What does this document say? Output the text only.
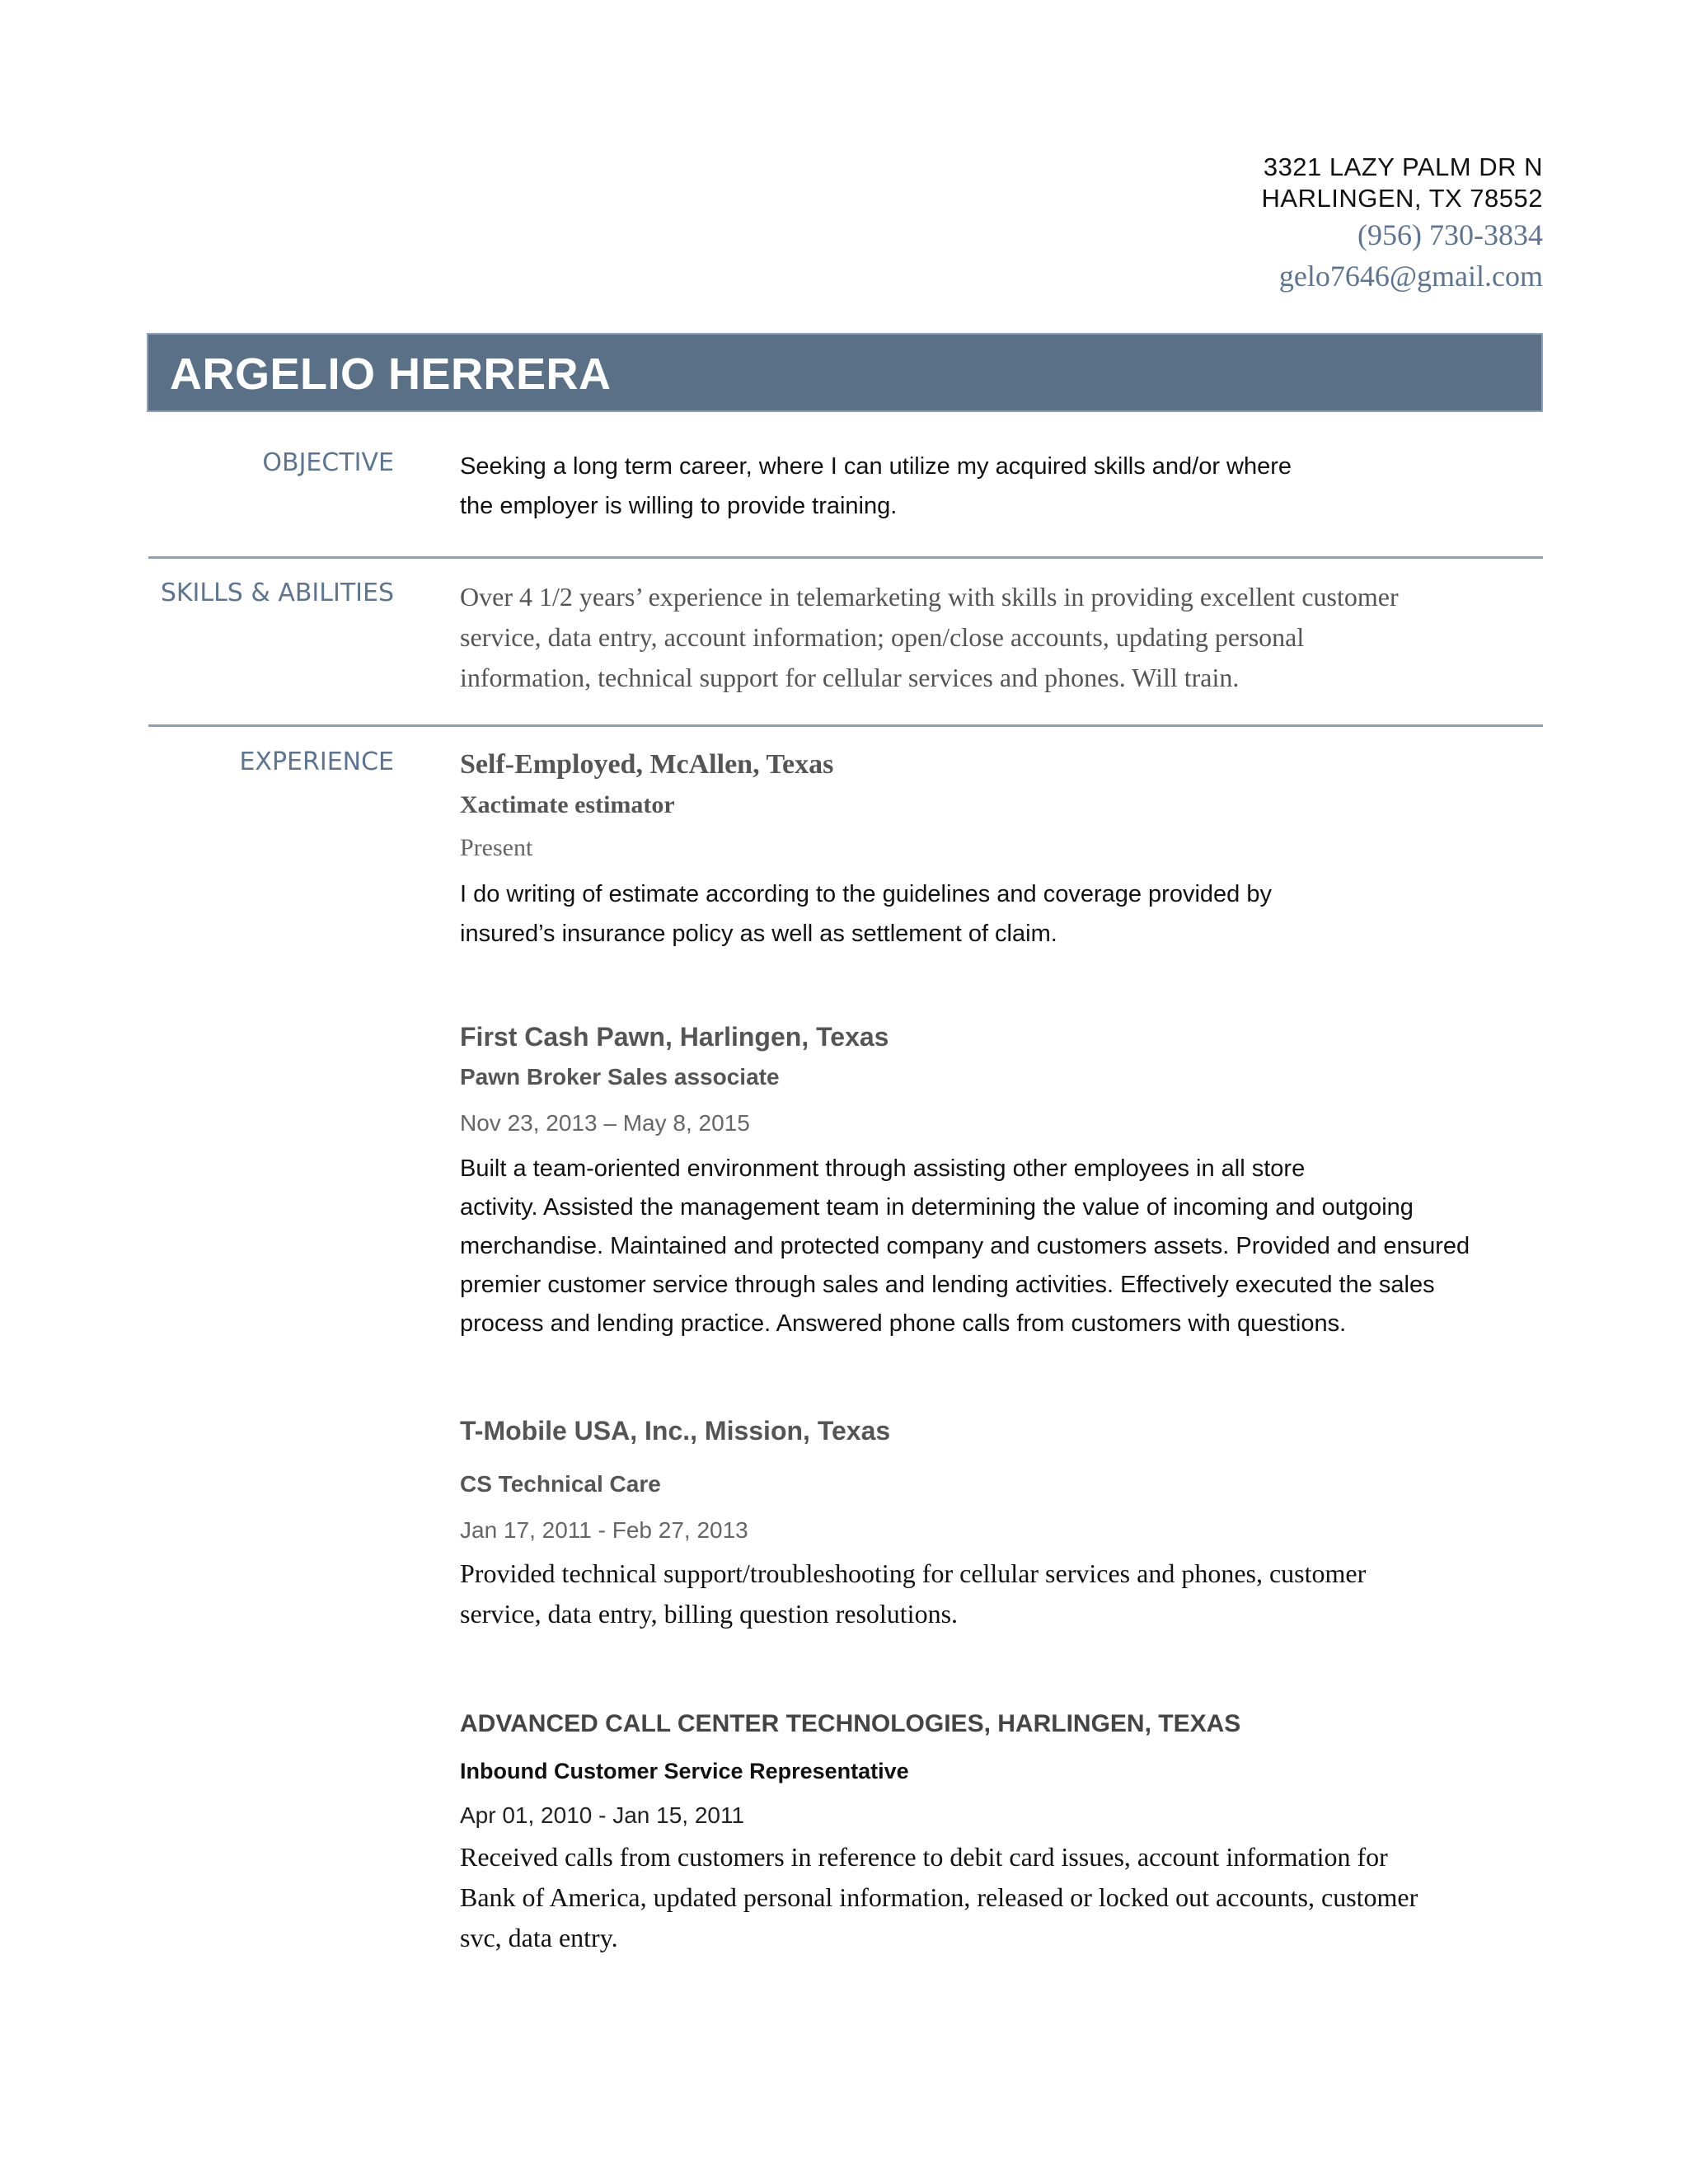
3321 LAZY PALM DR N
HARLINGEN, TX 78552
(956) 730-3834
gelo7646@gmail.com
ARGELIO HERRERA
OBJECTIVE	Seeking a long term career, where I can utilize my acquired skills and/or where
the employer is willing to provide training.
SKILLS & ABILITIES	Over 4 1/2 years’ experience in telemarketing with skills in providing excellent customer
service, data entry, account information; open/close accounts, updating personal
information, technical support for cellular services and phones. Will train.
EXPERIENCE Self-Employed, McAllen, Texas
Xactimate estimator
Present
I do writing of estimate according to the guidelines and coverage provided by
insured’s insurance policy as well as settlement of claim.
First Cash Pawn, Harlingen, Texas
Pawn Broker Sales associate
Nov 23, 2013 – May 8, 2015
Built a team-oriented environment through assisting other employees in all store
activity. Assisted the management team in determining the value of incoming and outgoing
merchandise. Maintained and protected company and customers assets. Provided and ensured
premier customer service through sales and lending activities. Effectively executed the sales
process and lending practice. Answered phone calls from customers with questions.
T-Mobile USA, Inc., Mission, Texas
CS Technical Care
Jan 17, 2011 - Feb 27, 2013
Provided technical support/troubleshooting for cellular services and phones, customer
service, data entry, billing question resolutions.
ADVANCED CALL CENTER TECHNOLOGIES, HARLINGEN, TEXAS
Inbound Customer Service Representative
Apr 01, 2010 - Jan 15, 2011
Received calls from customers in reference to debit card issues, account information for
Bank of America, updated personal information, released or locked out accounts, customer
svc, data entry.
